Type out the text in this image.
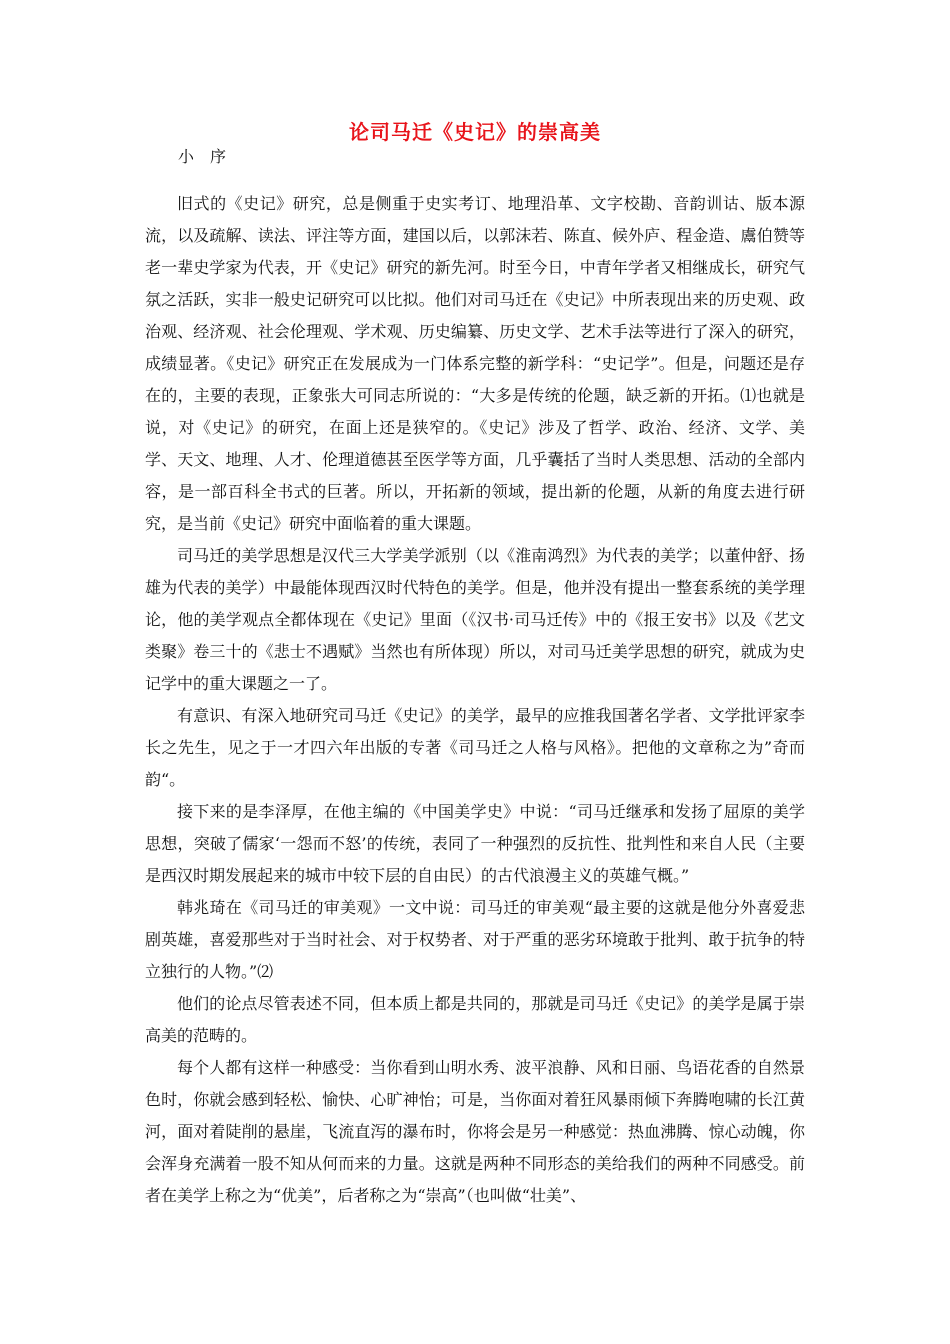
论司马迁《史记》的崇高美
小序

旧式的《史记》研究，总是侧重于史实考订、地理沿革、文字校勘、音韵训诂、版本源流，以及疏解、读法、评注等方面，建国以后，以郭沫若、陈直、候外庐、程金造、鬳伯赞等老一辈史学家为代表，开《史记》研究的新先河。时至今日，中青年学者又相继成长，研究气氛之活跃，实非一般史记研究可以比拟。他们对司马迁在《史记》中所表现出来的历史观、政治观、经济观、社会伦理观、学术观、历史编纂、历史文学、艺术手法等进行了深入的研究，成绩显著。《史记》研究正在发展成为一门体系完整的新学科：“史记学”。但是，问题还是存在的，主要的表现，正象张大可同志所说的：“大多是传统的伦题，缺乏新的开拓。⑴也就是说，对《史记》的研究，在面上还是狭窄的。《史记》涉及了哲学、政治、经济、文学、美学、天文、地理、人才、伦理道德甚至医学等方面，几乎囊括了当时人类思想、活动的全部内容，是一部百科全书式的巨著。所以，开拓新的领域，提出新的伦题，从新的角度去进行研究，是当前《史记》研究中面临着的重大课题。

司马迁的美学思想是汉代三大学美学派别（以《淮南鸿烈》为代表的美学；以董仲舒、扬雄为代表的美学）中最能体现西汉时代特色的美学。但是，他并没有提出一整套系统的美学理论，他的美学观点全都体现在《史记》里面（《汉书·司马迁传》中的《报王安书》以及《艺文类聚》卷三十的《悲士不遇赋》当然也有所体现）所以，对司马迁美学思想的研究，就成为史记学中的重大课题之一了。

有意识、有深入地研究司马迁《史记》的美学，最早的应推我国著名学者、文学批评家李长之先生，见之于一才四六年出版的专著《司马迁之人格与风格》。把他的文章称之为”奇而韵“。

接下来的是李泽厚，在他主编的《中国美学史》中说：“司马迁继承和发扬了屈原的美学思想，突破了儒家‘一怨而不怒’的传统，表同了一种强烈的反抗性、批判性和来自人民（主要是西汉时期发展起来的城市中较下层的自由民）的古代浪漫主义的英雄气概。”

韩兆琦在《司马迁的审美观》一文中说：司马迁的审美观“最主要的这就是他分外喜爱悲剧英雄，喜爱那些对于当时社会、对于权势者、对于严重的恶劣环境敢于批判、敢于抗争的特立独行的人物。”⑵

他们的论点尽管表述不同，但本质上都是共同的，那就是司马迁《史记》的美学是属于崇高美的范畴的。

每个人都有这样一种感受：当你看到山明水秀、波平浪静、风和日丽、鸟语花香的自然景色时，你就会感到轻松、愉快、心旷神怡；可是，当你面对着狂风暴雨倾下奔腾咆啸的长江黄河，面对着陡削的悬崖，飞流直泻的瀑布时，你将会是另一种感觉：热血沸腾、惊心动魄，你会浑身充满着一股不知从何而来的力量。这就是两种不同形态的美给我们的两种不同感受。前者在美学上称之为“优美”，后者称之为“崇高”（也叫做“壮美”、
